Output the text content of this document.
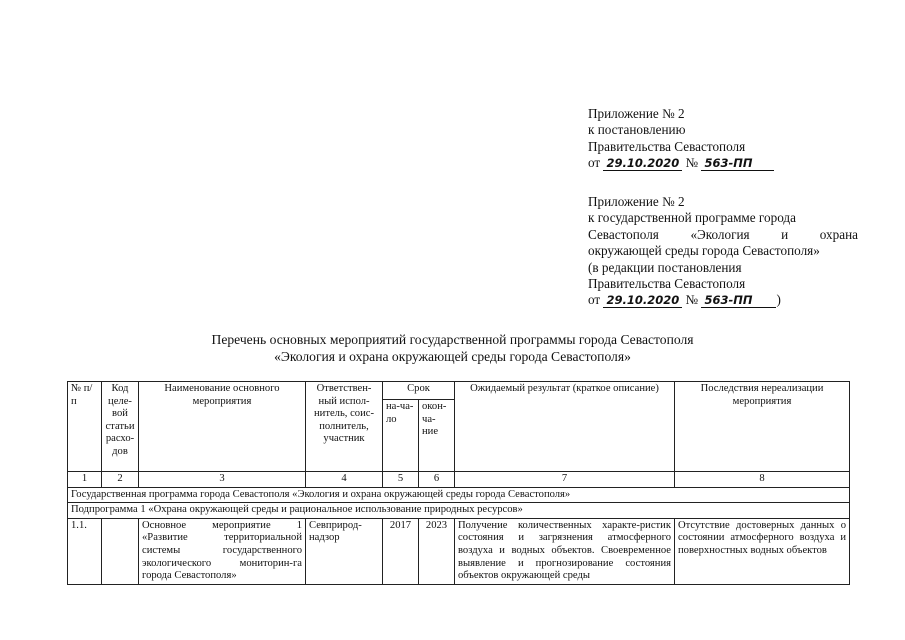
Приложение № 2
к постановлению
Правительства Севастополя
от 29.10.2020 № 563-ПП
Приложение № 2
к государственной программе города
Севастополя «Экология и охрана
окружающей среды города Севастополя»
(в редакции постановления
Правительства Севастополя
от 29.10.2020 № 563-ПП )
Перечень основных мероприятий государственной программы города Севастополя
«Экология и охрана окружающей среды города Севастополя»
№ п/п	Код целе-вой статьи расхо-дов	Наименование основного мероприятия	Ответствен-ный испол-нитель, соис-полнитель, участник	Срок		Ожидаемый результат (краткое описание)	Последствия нереализации мероприятия
				на-ча-ло	окон-ча-ние		
1	2	3	4	5	6	7	8
Государственная программа города Севастополя «Экология и охрана окружающей среды города Севастополя»							
Подпрограмма 1 «Охрана окружающей среды и рациональное использование природных ресурсов»							
1.1.		Основное мероприятие 1 «Развитие территориальной системы государственного экологического мониторин-га города Севастополя»	Севприрод-надзор	2017	2023	Получение количественных характе-ристик состояния и загрязнения атмосферного воздуха и водных объектов. Своевременное выявление и прогнозирование состояния объектов окружающей среды	Отсутствие достоверных данных о состоянии атмосферного воздуха и поверхностных водных объектов
